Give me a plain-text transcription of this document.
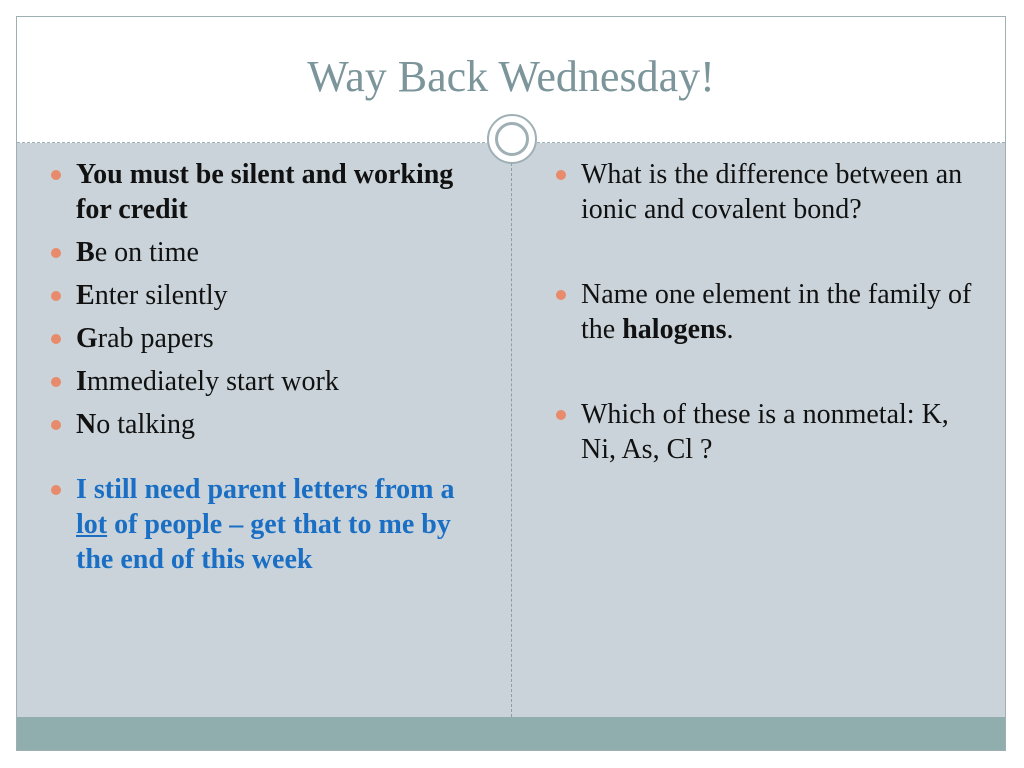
Way Back Wednesday!
You must be silent and working for credit
Be on time
Enter silently
Grab papers
Immediately start work
No talking
I still need parent letters from a lot of people – get that to me by the end of this week
What is the difference between an ionic and covalent bond?
Name one element in the family of the halogens.
Which of these is a nonmetal: K, Ni, As, Cl ?
